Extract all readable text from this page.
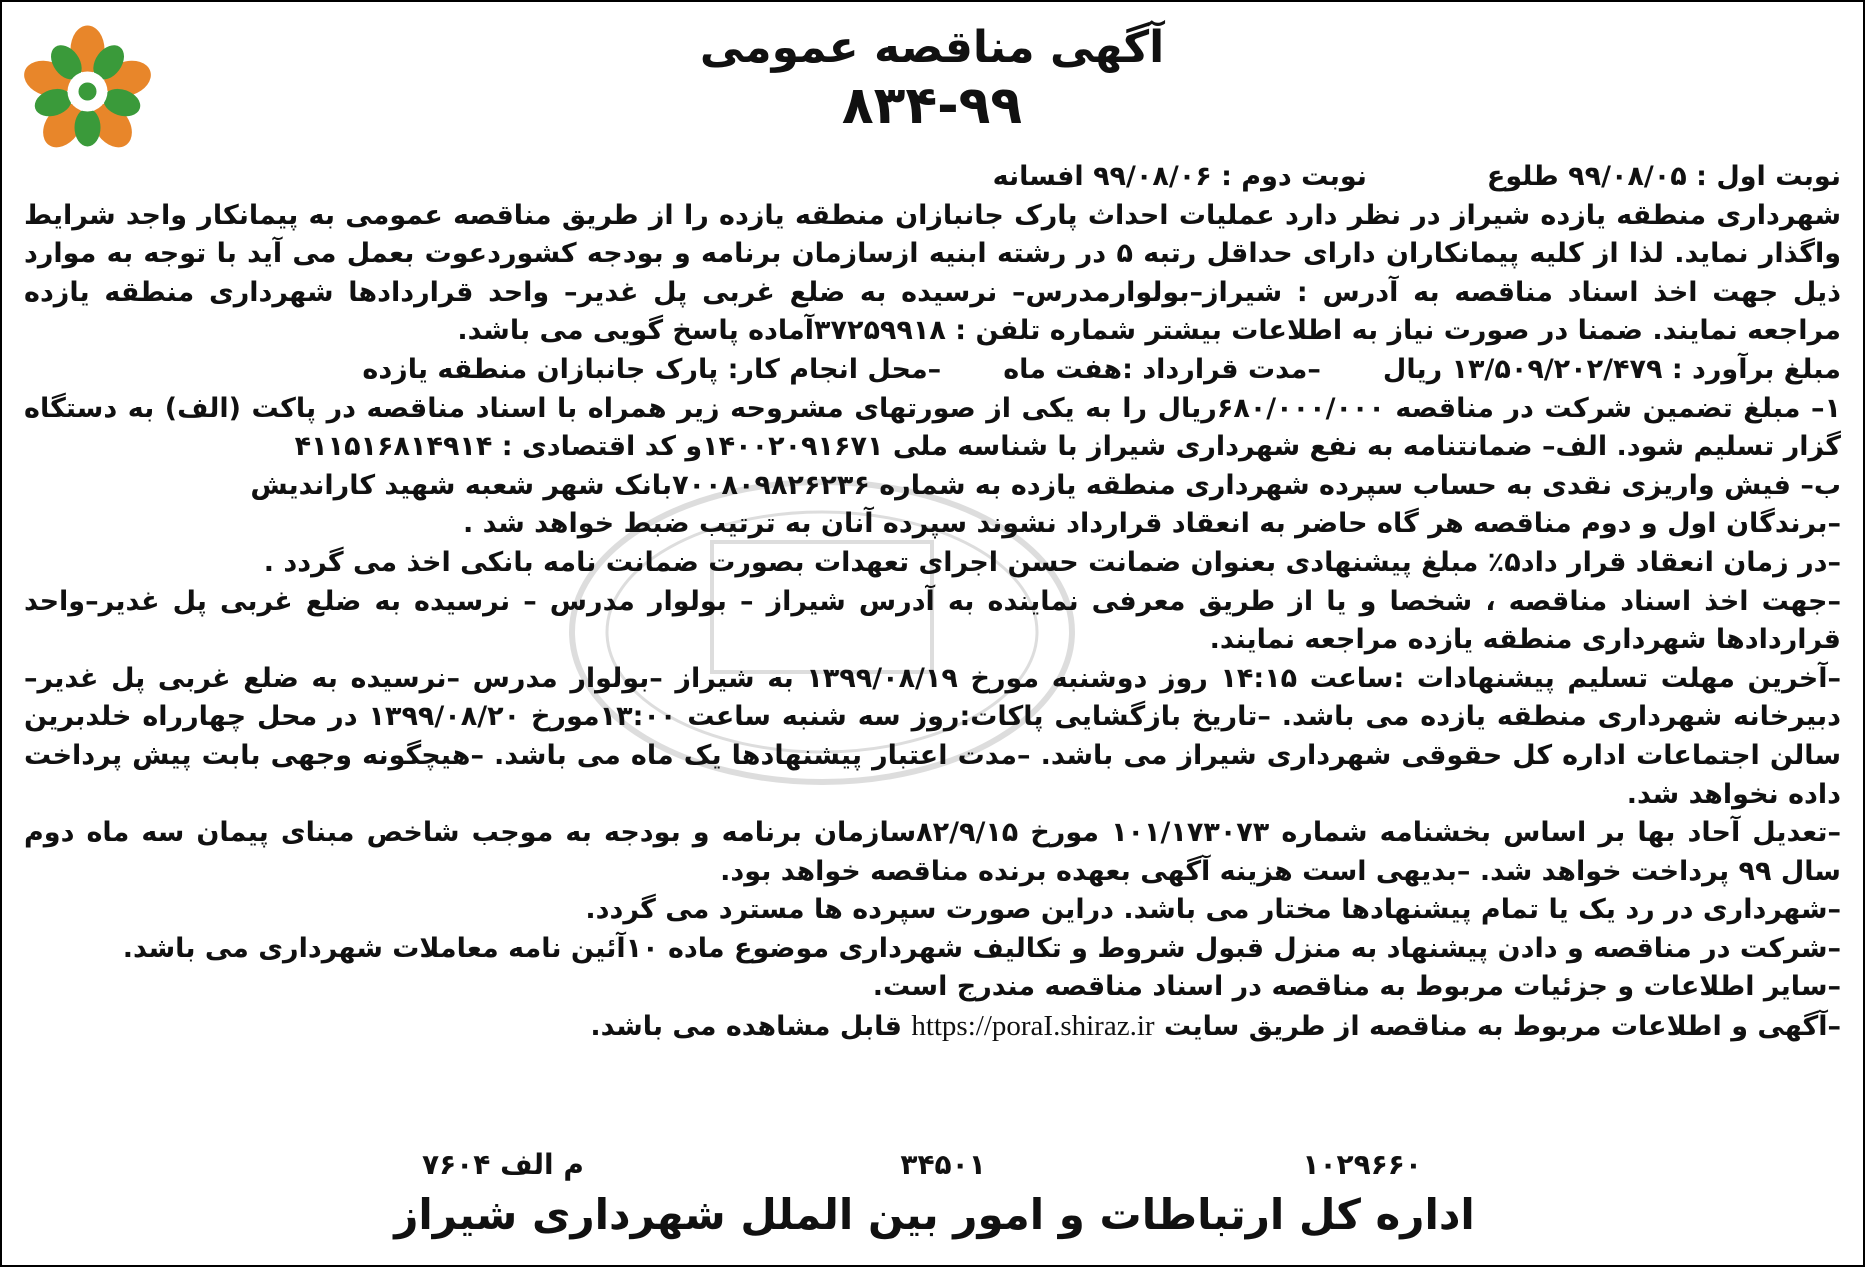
آگهی مناقصه عمومی
۸۳۴-۹۹
نوبت اول : ۹۹/۰۸/۰۵ طلوع
نوبت دوم : ۹۹/۰۸/۰۶ افسانه

شهرداری منطقه یازده شیراز در نظر دارد عملیات احداث پارک جانبازان منطقه یازده را از طریق مناقصه عمومی به پیمانکار واجد شرایط واگذار نماید. لذا از کلیه پیمانکاران دارای حداقل رتبه ۵ در رشته ابنیه ازسازمان برنامه و بودجه کشوردعوت بعمل می آید با توجه به موارد ذیل جهت اخذ اسناد مناقصه به آدرس : شیراز–بولوارمدرس– نرسیده به ضلع غربی پل غدیر– واحد قراردادها شهرداری منطقه یازده مراجعه نمایند. ضمنا در صورت نیاز به اطلاعات بیشتر شماره تلفن : ۳۷۲۵۹۹۱۸آماده پاسخ گویی می باشد.

مبلغ برآورد : ۱۳/۵۰۹/۲۰۲/۴۷۹ ریال
–مدت قرارداد :هفت ماه
–محل انجام کار: پارک جانبازان منطقه یازده

۱– مبلغ تضمین شرکت در مناقصه ۶۸۰/۰۰۰/۰۰۰ریال را به یکی از صورتهای مشروحه زیر همراه با اسناد مناقصه در پاکت (الف) به دستگاه گزار تسلیم شود. الف– ضمانتنامه به نفع شهرداری شیراز با شناسه ملی ۱۴۰۰۲۰۹۱۶۷۱و کد اقتصادی : ۴۱۱۵۱۶۸۱۴۹۱۴

ب– فیش واریزی نقدی به حساب سپرده شهرداری منطقه یازده به شماره ۷۰۰۸۰۹۸۲۶۲۳۶بانک شهر شعبه شهید کاراندیش

–برندگان اول و دوم مناقصه هر گاه حاضر به انعقاد قرارداد نشوند سپرده آنان به ترتیب ضبط خواهد شد .

–در زمان انعقاد قرار داد۵٪ مبلغ پیشنهادی بعنوان ضمانت حسن اجرای تعهدات بصورت ضمانت نامه بانکی اخذ می گردد .

–جهت اخذ اسناد مناقصه ، شخصا و یا از طریق معرفی نماینده به آدرس شیراز – بولوار مدرس – نرسیده به ضلع غربی پل غدیر–واحد قراردادها شهرداری منطقه یازده مراجعه نمایند.

–آخرین مهلت تسلیم پیشنهادات :ساعت ۱۴:۱۵ روز دوشنبه مورخ ۱۳۹۹/۰۸/۱۹ به شیراز –بولوار مدرس –نرسیده به ضلع غربی پل غدیر–دبیرخانه شهرداری منطقه یازده می باشد. –تاریخ بازگشایی پاکات:روز سه شنبه ساعت ۱۳:۰۰مورخ ۱۳۹۹/۰۸/۲۰ در محل چهارراه خلدبرین سالن اجتماعات اداره کل حقوقی شهرداری شیراز می باشد. –مدت اعتبار پیشنهادها یک ماه می باشد. –هیچگونه وجهی بابت پیش پرداخت داده نخواهد شد.

–تعدیل آحاد بها بر اساس بخشنامه شماره ۱۰۱/۱۷۳۰۷۳ مورخ ۸۲/۹/۱۵سازمان برنامه و بودجه به موجب شاخص مبنای پیمان سه ماه دوم سال ۹۹ پرداخت خواهد شد. –بدیهی است هزینه آگهی بعهده برنده مناقصه خواهد بود.

–شهرداری در رد یک یا تمام پیشنهادها مختار می باشد. دراین صورت سپرده ها مسترد می گردد.

–شرکت در مناقصه و دادن پیشنهاد به منزل قبول شروط و تکالیف شهرداری موضوع ماده ۱۰آئین نامه معاملات شهرداری می باشد.

–سایر اطلاعات و جزئیات مربوط به مناقصه در اسناد مناقصه مندرج است.

–آگهی و اطلاعات مربوط به مناقصه از طریق سایت https://poraI.shiraz.ir قابل مشاهده می باشد.

۱۰۲۹۶۶۰
۳۴۵۰۱
م الف ۷۶۰۴
اداره کل ارتباطات و امور بین الملل شهرداری شیراز
